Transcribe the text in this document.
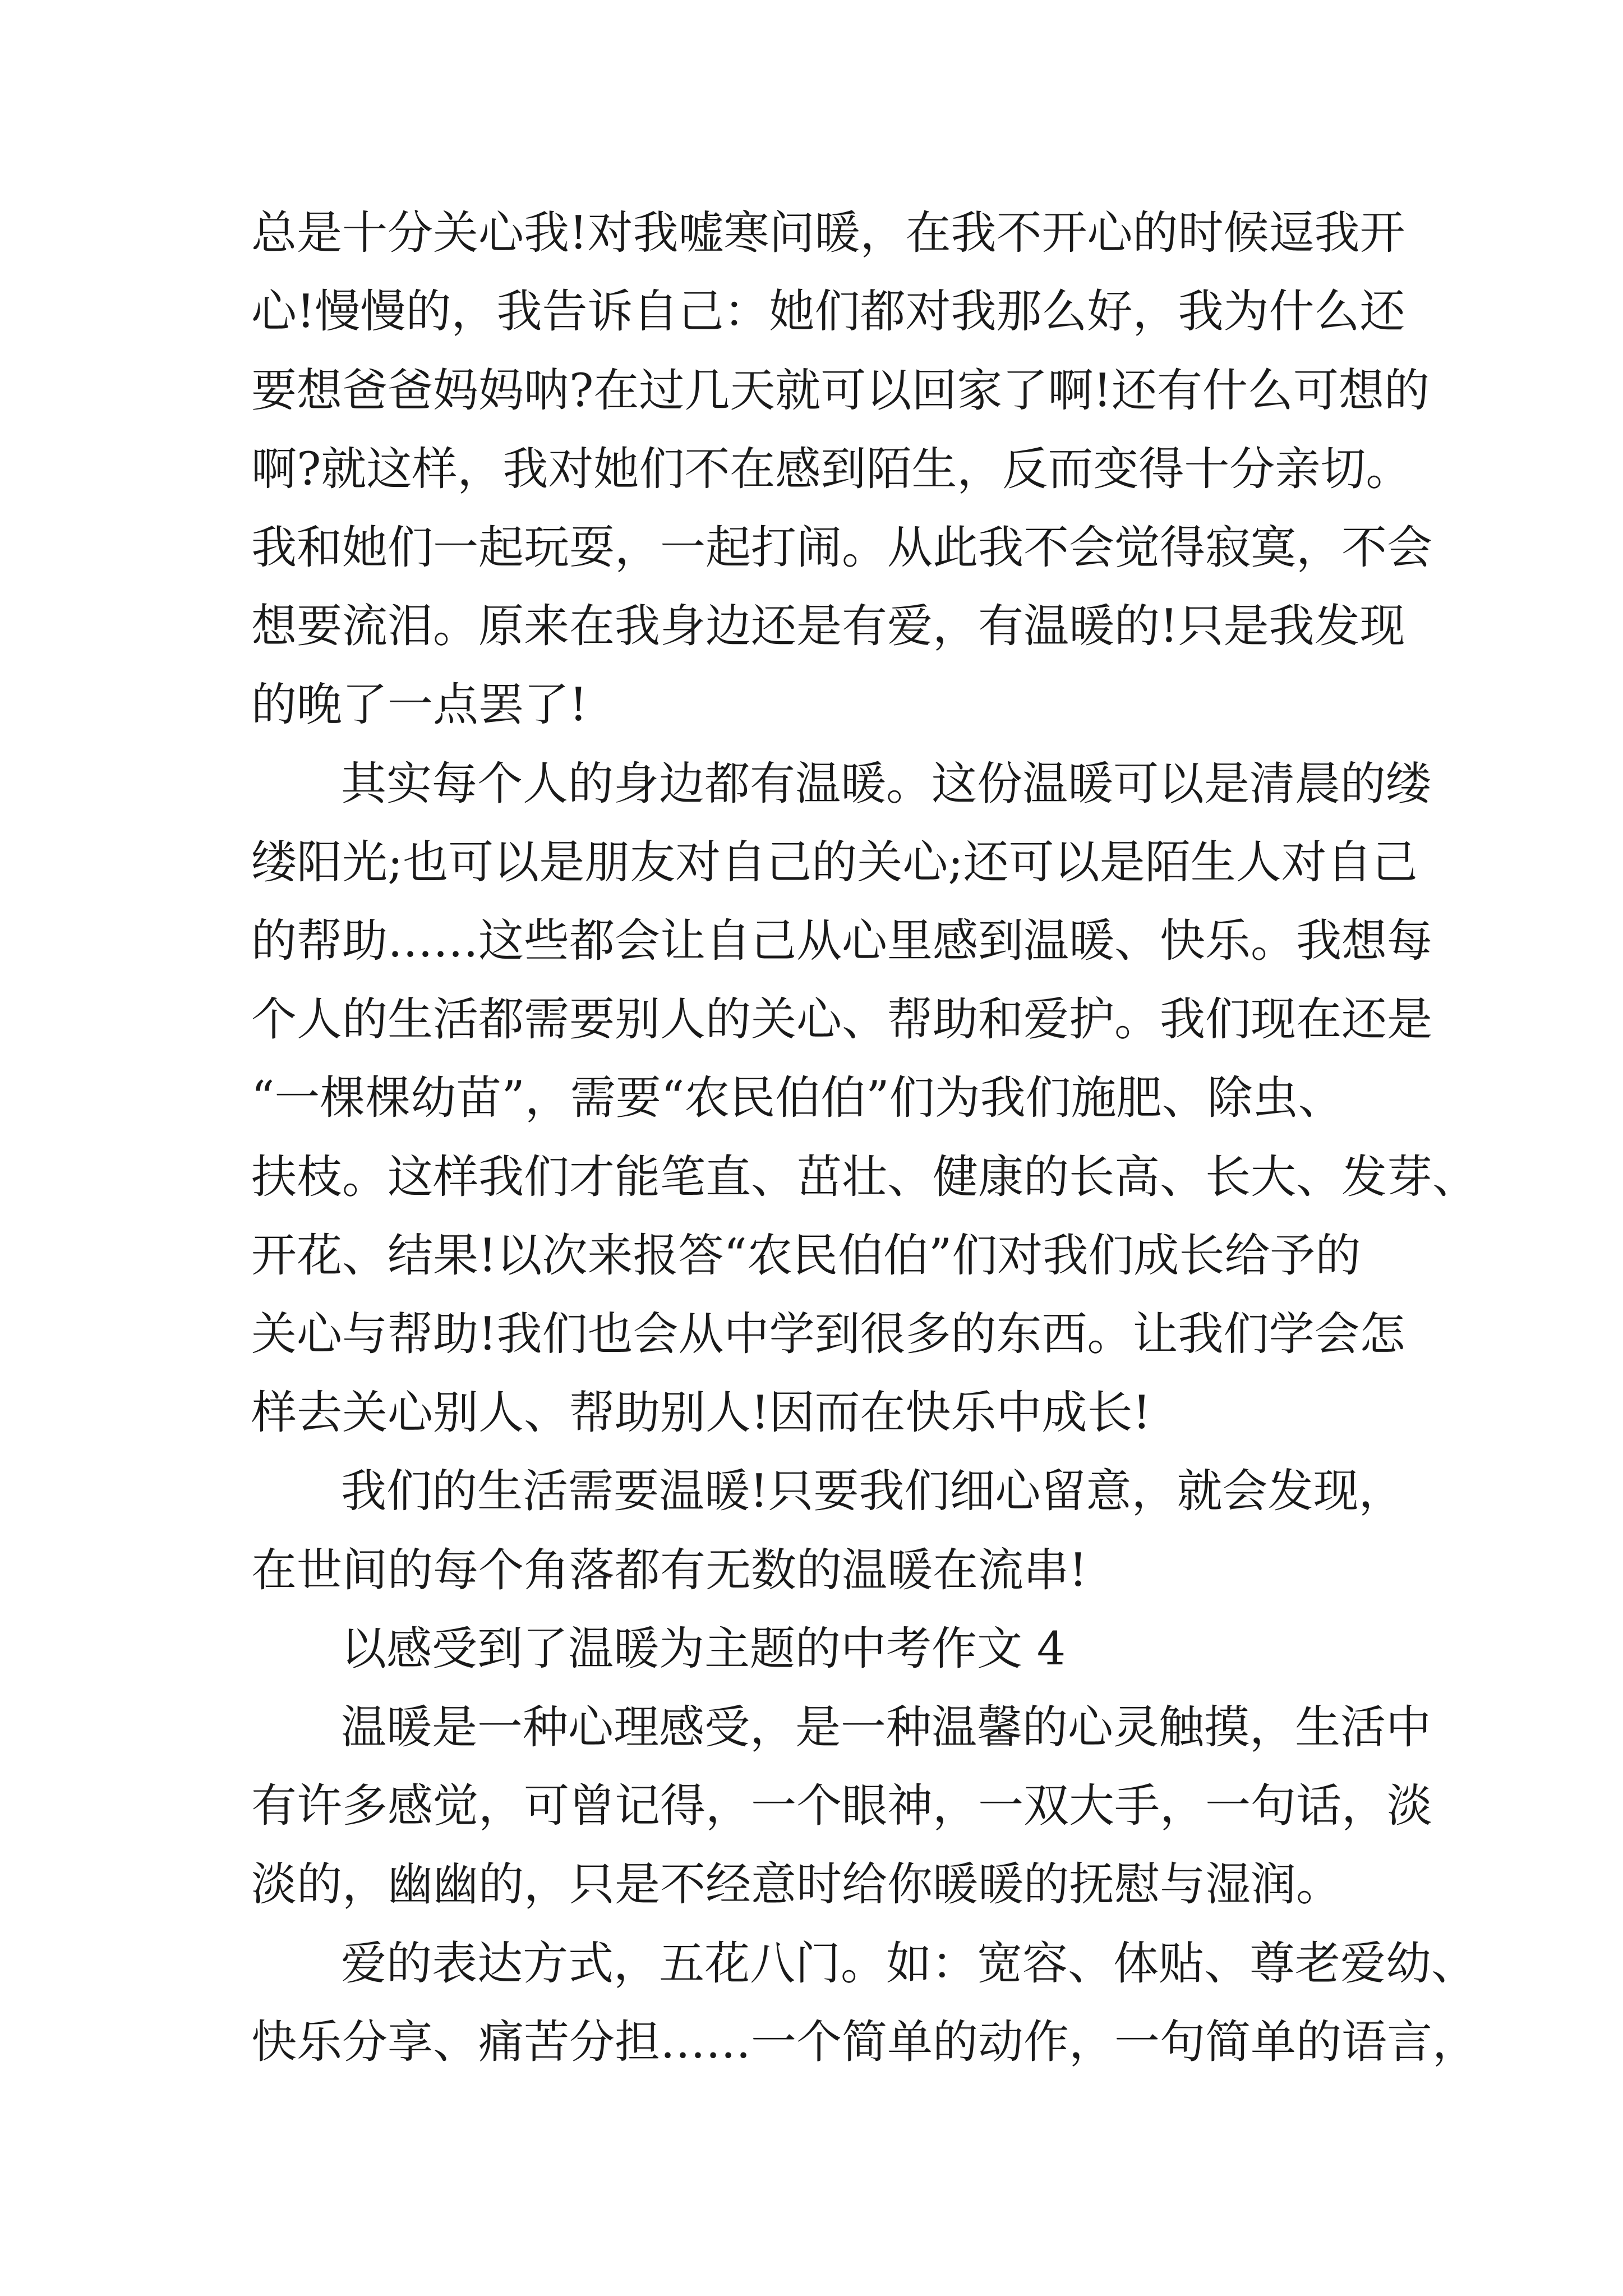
总是十分关心我!对我嘘寒问暖，在我不开心的时候逗我开
心!慢慢的，我告诉自己：她们都对我那么好，我为什么还
要想爸爸妈妈呐?在过几天就可以回家了啊!还有什么可想的
啊?就这样，我对她们不在感到陌生，反而变得十分亲切。
我和她们一起玩耍，一起打闹。从此我不会觉得寂寞，不会
想要流泪。原来在我身边还是有爱，有温暖的!只是我发现
的晚了一点罢了!
其实每个人的身边都有温暖。这份温暖可以是清晨的缕
缕阳光;也可以是朋友对自己的关心;还可以是陌生人对自己
的帮助……这些都会让自己从心里感到温暖、快乐。我想每
个人的生活都需要别人的关心、帮助和爱护。我们现在还是
“一棵棵幼苗”，需要“农民伯伯”们为我们施肥、除虫、
扶枝。这样我们才能笔直、茁壮、健康的长高、长大、发芽、
开花、结果!以次来报答“农民伯伯”们对我们成长给予的
关心与帮助!我们也会从中学到很多的东西。让我们学会怎
样去关心别人、帮助别人!因而在快乐中成长!
我们的生活需要温暖!只要我们细心留意，就会发现，
在世间的每个角落都有无数的温暖在流串!
以感受到了温暖为主题的中考作文 4
温暖是一种心理感受，是一种温馨的心灵触摸，生活中
有许多感觉，可曾记得，一个眼神，一双大手，一句话，淡
淡的，幽幽的，只是不经意时给你暖暖的抚慰与湿润。
爱的表达方式，五花八门。如：宽容、体贴、尊老爱幼、
快乐分享、痛苦分担……一个简单的动作，一句简单的语言，
